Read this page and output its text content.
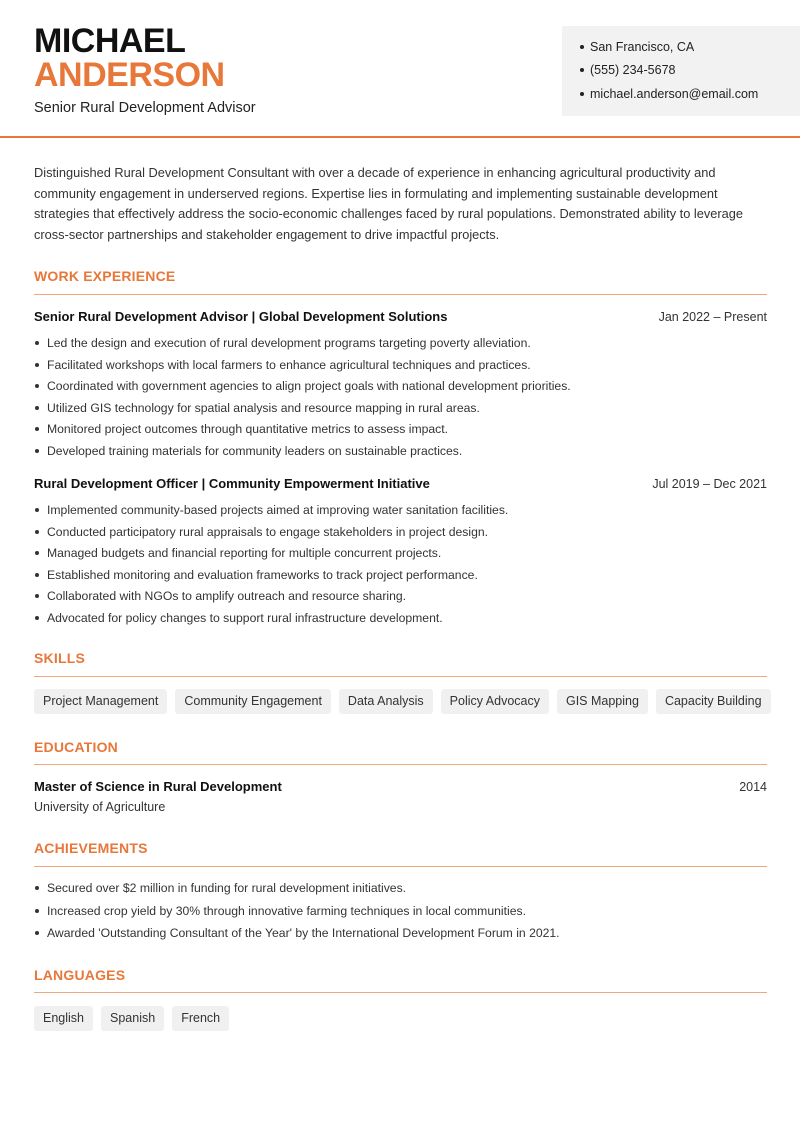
MICHAEL
ANDERSON
Senior Rural Development Advisor
San Francisco, CA
(555) 234-5678
michael.anderson@email.com
Distinguished Rural Development Consultant with over a decade of experience in enhancing agricultural productivity and community engagement in underserved regions. Expertise lies in formulating and implementing sustainable development strategies that effectively address the socio-economic challenges faced by rural populations. Demonstrated ability to leverage cross-sector partnerships and stakeholder engagement to drive impactful projects.
WORK EXPERIENCE
Senior Rural Development Advisor | Global Development Solutions	Jan 2022 – Present
Led the design and execution of rural development programs targeting poverty alleviation.
Facilitated workshops with local farmers to enhance agricultural techniques and practices.
Coordinated with government agencies to align project goals with national development priorities.
Utilized GIS technology for spatial analysis and resource mapping in rural areas.
Monitored project outcomes through quantitative metrics to assess impact.
Developed training materials for community leaders on sustainable practices.
Rural Development Officer | Community Empowerment Initiative	Jul 2019 – Dec 2021
Implemented community-based projects aimed at improving water sanitation facilities.
Conducted participatory rural appraisals to engage stakeholders in project design.
Managed budgets and financial reporting for multiple concurrent projects.
Established monitoring and evaluation frameworks to track project performance.
Collaborated with NGOs to amplify outreach and resource sharing.
Advocated for policy changes to support rural infrastructure development.
SKILLS
Project Management	Community Engagement	Data Analysis	Policy Advocacy	GIS Mapping	Capacity Building
EDUCATION
Master of Science in Rural Development	2014
University of Agriculture
ACHIEVEMENTS
Secured over $2 million in funding for rural development initiatives.
Increased crop yield by 30% through innovative farming techniques in local communities.
Awarded 'Outstanding Consultant of the Year' by the International Development Forum in 2021.
LANGUAGES
English	Spanish	French
